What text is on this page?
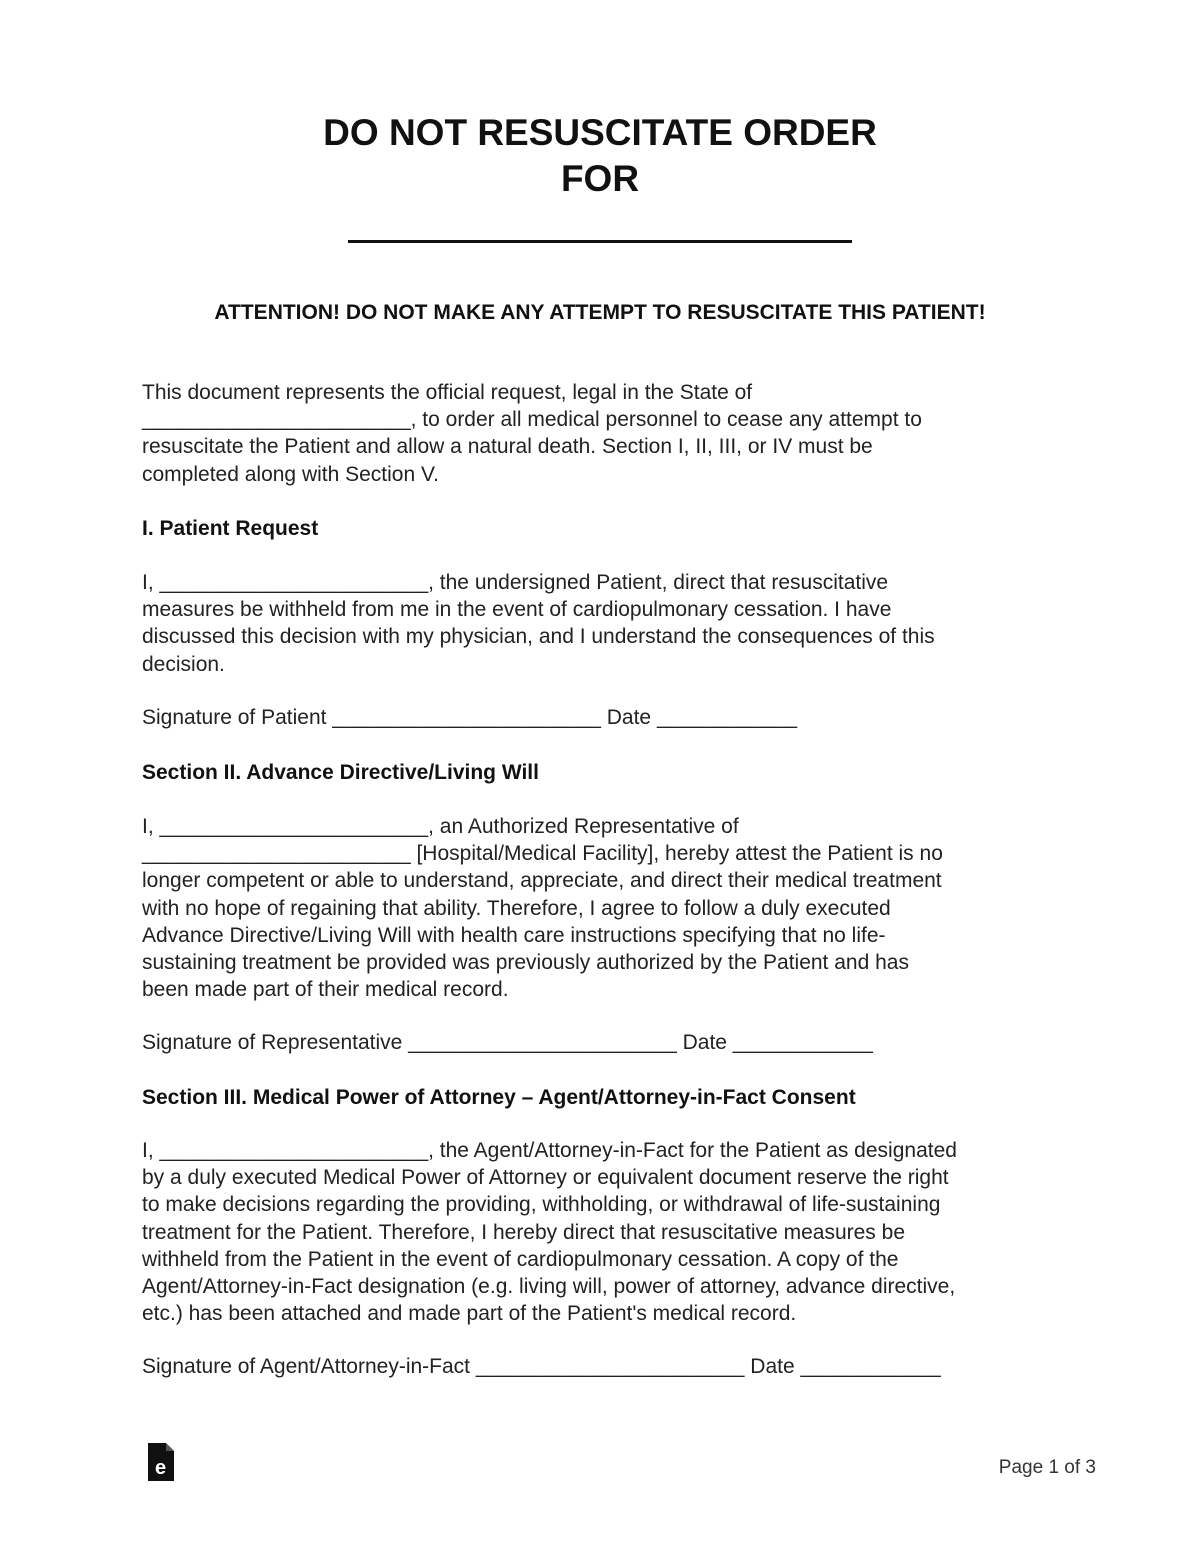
DO NOT RESUSCITATE ORDER
FOR
ATTENTION! DO NOT MAKE ANY ATTEMPT TO RESUSCITATE THIS PATIENT!
This document represents the official request, legal in the State of
_______________________, to order all medical personnel to cease any attempt to
resuscitate the Patient and allow a natural death. Section I, II, III, or IV must be
completed along with Section V.
I. Patient Request
I, _______________________, the undersigned Patient, direct that resuscitative
measures be withheld from me in the event of cardiopulmonary cessation. I have
discussed this decision with my physician, and I understand the consequences of this
decision.
Signature of Patient _______________________ Date ____________
Section II. Advance Directive/Living Will
I, _______________________, an Authorized Representative of
_______________________ [Hospital/Medical Facility], hereby attest the Patient is no
longer competent or able to understand, appreciate, and direct their medical treatment
with no hope of regaining that ability. Therefore, I agree to follow a duly executed
Advance Directive/Living Will with health care instructions specifying that no life-
sustaining treatment be provided was previously authorized by the Patient and has
been made part of their medical record.
Signature of Representative _______________________ Date ____________
Section III. Medical Power of Attorney – Agent/Attorney-in-Fact Consent
I, _______________________, the Agent/Attorney-in-Fact for the Patient as designated
by a duly executed Medical Power of Attorney or equivalent document reserve the right
to make decisions regarding the providing, withholding, or withdrawal of life-sustaining
treatment for the Patient. Therefore, I hereby direct that resuscitative measures be
withheld from the Patient in the event of cardiopulmonary cessation. A copy of the
Agent/Attorney-in-Fact designation (e.g. living will, power of attorney, advance directive,
etc.) has been attached and made part of the Patient's medical record.
Signature of Agent/Attorney-in-Fact _______________________ Date ____________
e	Page 1 of 3
